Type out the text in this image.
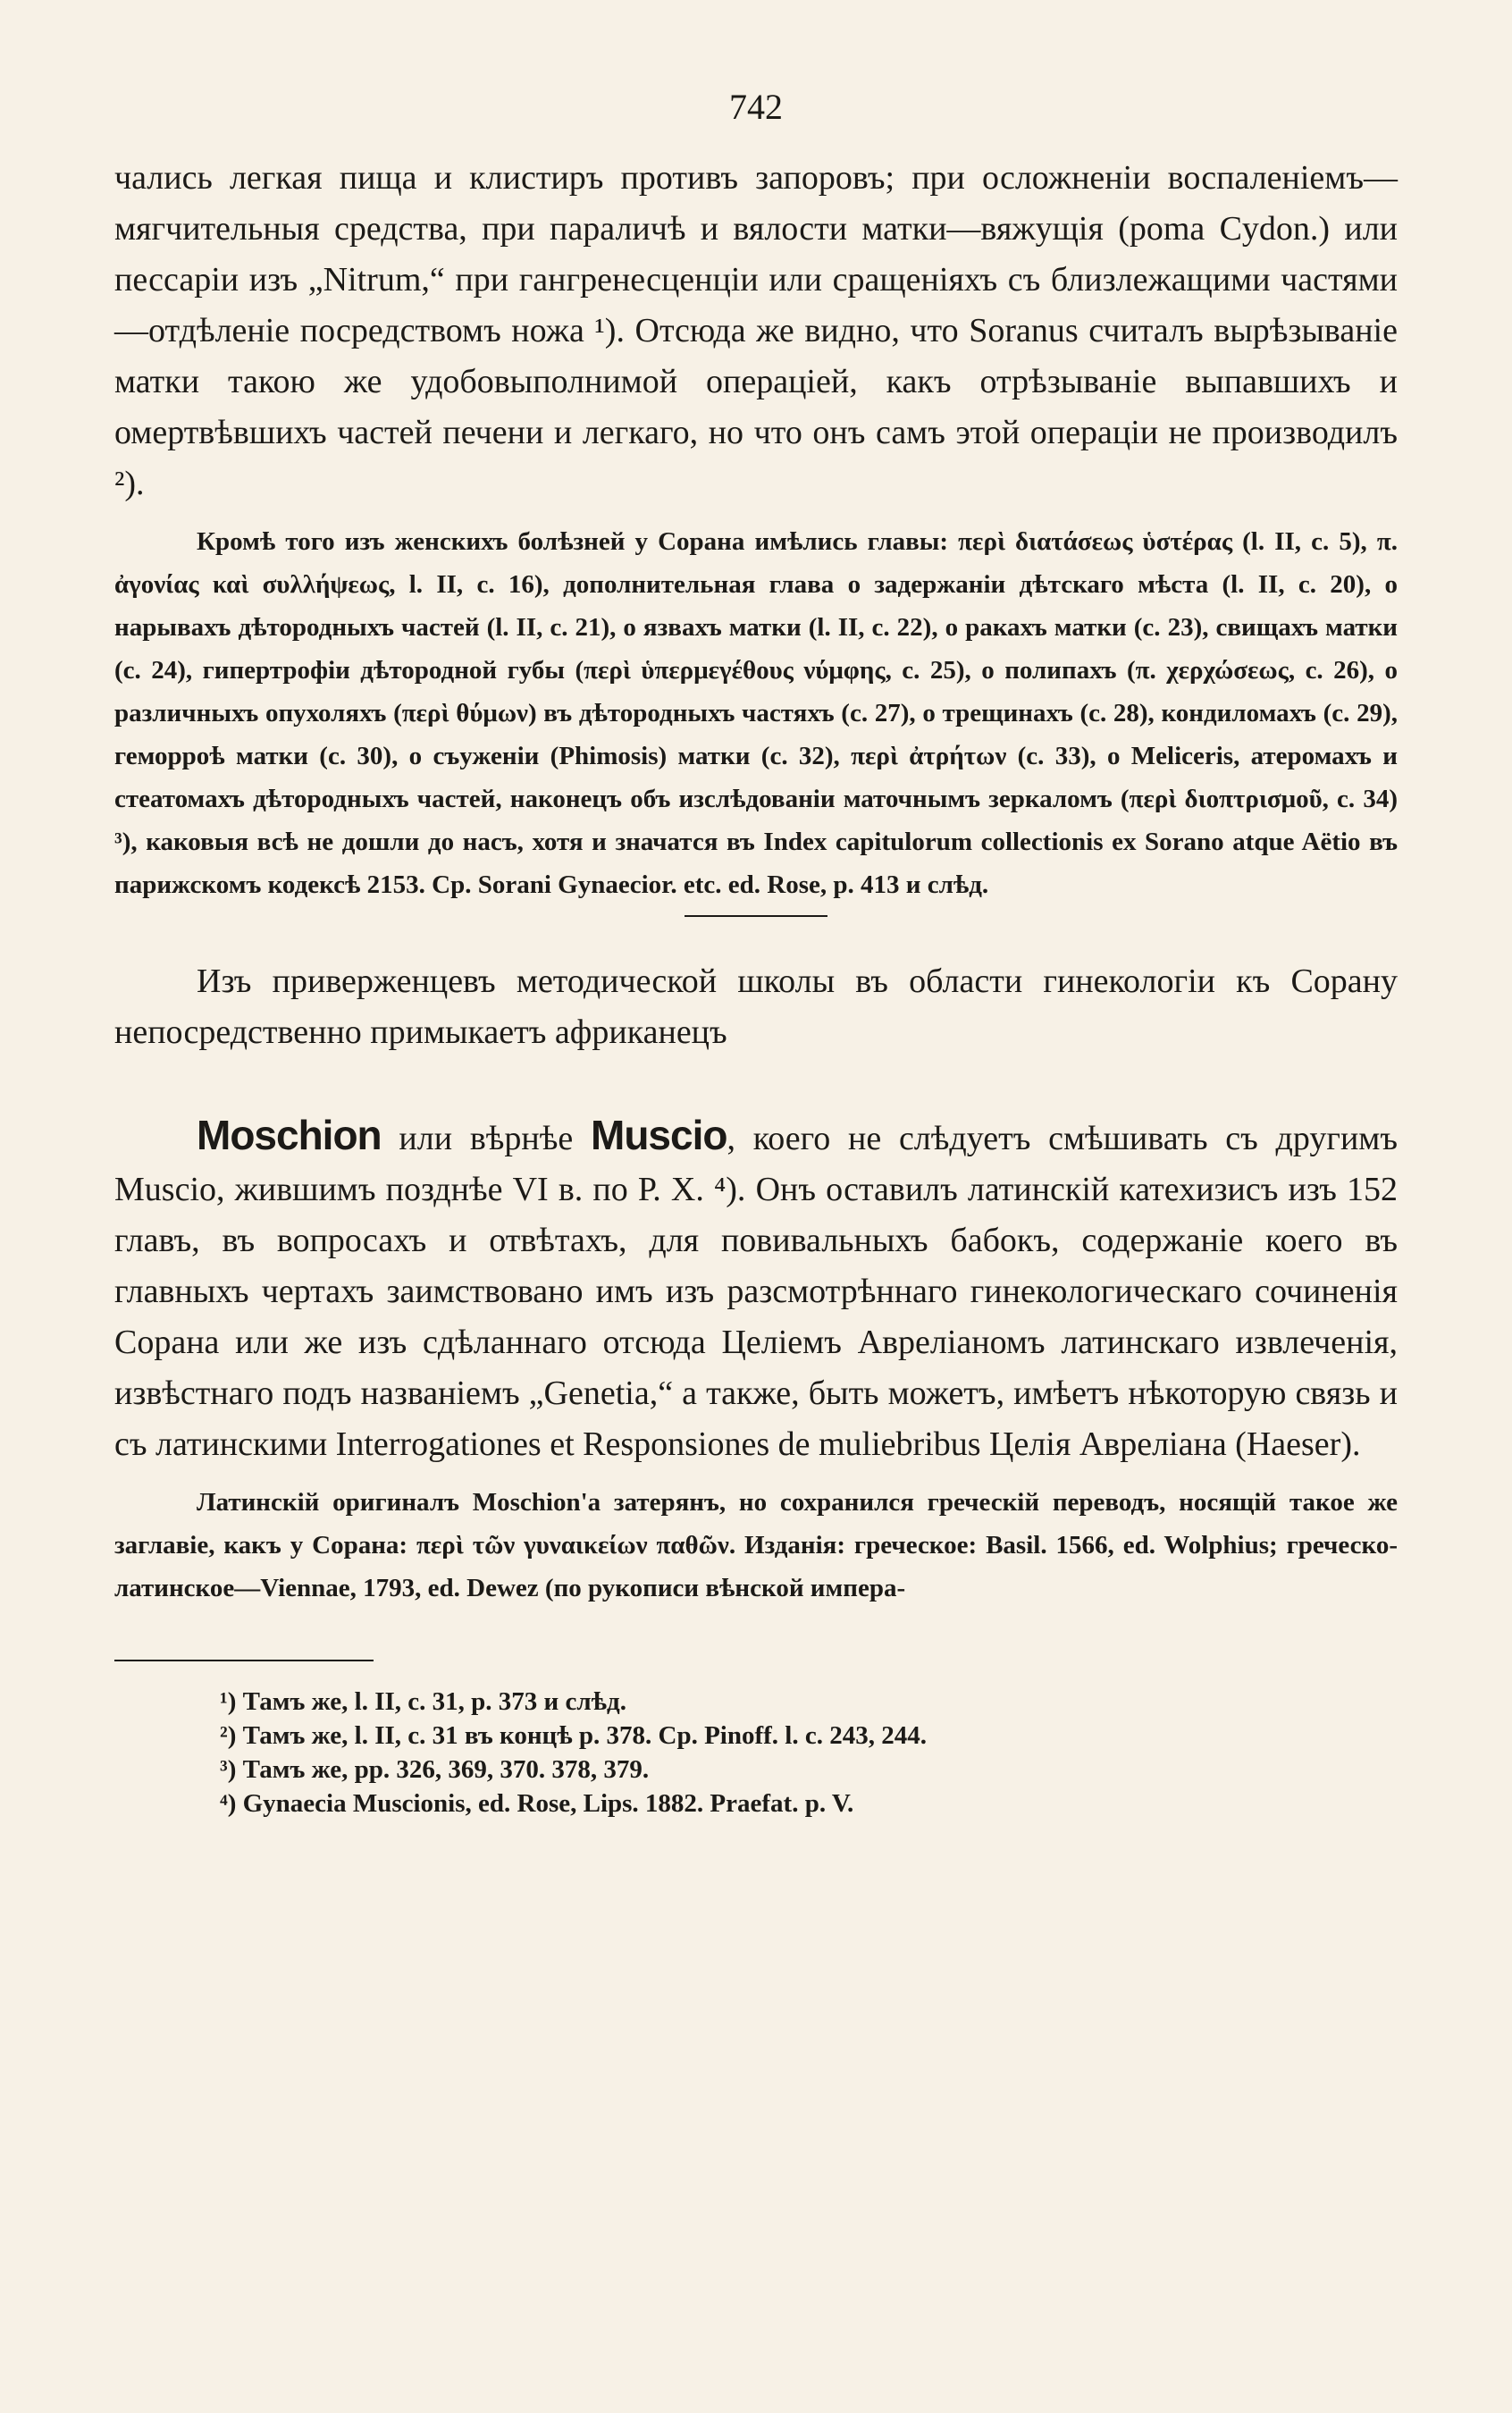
742

чались легкая пища и клистиръ противъ запоровъ; при осложненіи воспаленіемъ—мягчительныя средства, при параличѣ и вялости матки—вяжущія (poma Cydon.) или пессаріи изъ „Nitrum,“ при гангренесценціи или сращеніяхъ съ близлежащими частями—отдѣленіе посредствомъ ножа ¹). Отсюда же видно, что Soranus считалъ вырѣзываніе матки такою же удобовыполнимой операціей, какъ отрѣзываніе выпавшихъ и омертвѣвшихъ частей печени и легкаго, но что онъ самъ этой операціи не производилъ ²).

Кромѣ того изъ женскихъ болѣзней у Сорана имѣлись главы: περὶ διατάσεως ὑστέρας (l. II, c. 5), π. ἀγονίας καὶ συλλήψεως, l. II, c. 16), дополнительная глава о задержаніи дѣтскаго мѣста (l. II, c. 20), о нарывахъ дѣтородныхъ частей (l. II, c. 21), о язвахъ матки (l. II, c. 22), о ракахъ матки (c. 23), свищахъ матки (c. 24), гипертрофіи дѣтородной губы (περὶ ὑπερμεγέθους νύμφης, c. 25), о полипахъ (π. χερχώσεως, c. 26), о различныхъ опухоляхъ (περὶ θύμων) въ дѣтородныхъ частяхъ (c. 27), о трещинахъ (c. 28), кондиломахъ (c. 29), геморроѣ матки (c. 30), о съуженіи (Phimosis) матки (c. 32), περὶ ἀτρήτων (c. 33), о Melіceris, атеромахъ и стеатомахъ дѣтородныхъ частей, наконецъ объ изслѣдованіи маточнымъ зеркаломъ (περὶ διοπτρισμοῦ, c. 34) ³), каковыя всѣ не дошли до насъ, хотя и значатся въ Index capitulorum collectionis ex Sorano atque Aëtio въ парижскомъ кодексѣ 2153. Ср. Sorani Gynaecior. etc. ed. Rose, p. 413 и слѣд.

Изъ приверженцевъ методической школы въ области гинекологіи къ Сорану непосредственно примыкаетъ африканецъ

Moschion или вѣрнѣе Muscio, коего не слѣдуетъ смѣшивать съ другимъ Muscio, жившимъ позднѣе VI в. по Р. X. ⁴). Онъ оставилъ латинскій катехизисъ изъ 152 главъ, въ вопросахъ и отвѣтахъ, для повивальныхъ бабокъ, содержаніе коего въ главныхъ чертахъ заимствовано имъ изъ разсмотрѣннаго гинекологическаго сочиненія Сорана или же изъ сдѣланнаго отсюда Целіемъ Авреліаномъ латинскаго извлеченія, извѣстнаго подъ названіемъ „Genetia,“ а также, быть можетъ, имѣетъ нѣкоторую связь и съ латинскими Interrogationes et Responsiones de mulіebribus Целія Авреліана (Haeser).

Латинскій оригиналъ Moschion'a затерянъ, но сохранился греческій переводъ, носящій такое же заглавіе, какъ у Сорана: περὶ τῶν γυναικείων παθῶν. Изданія: греческое: Basil. 1566, ed. Wolphius; греческо-латинское—Viennae, 1793, ed. Dewez (по рукописи вѣнской импера-

¹) Тамъ же, l. II, c. 31, p. 373 и слѣд.
²) Тамъ же, l. II, c. 31 въ концѣ p. 378. Ср. Pinoff. l. c. 243, 244.
³) Тамъ же, pp. 326, 369, 370. 378, 379.
⁴) Gynaecia Muscionis, ed. Rose, Lips. 1882. Praefat. p. V.
